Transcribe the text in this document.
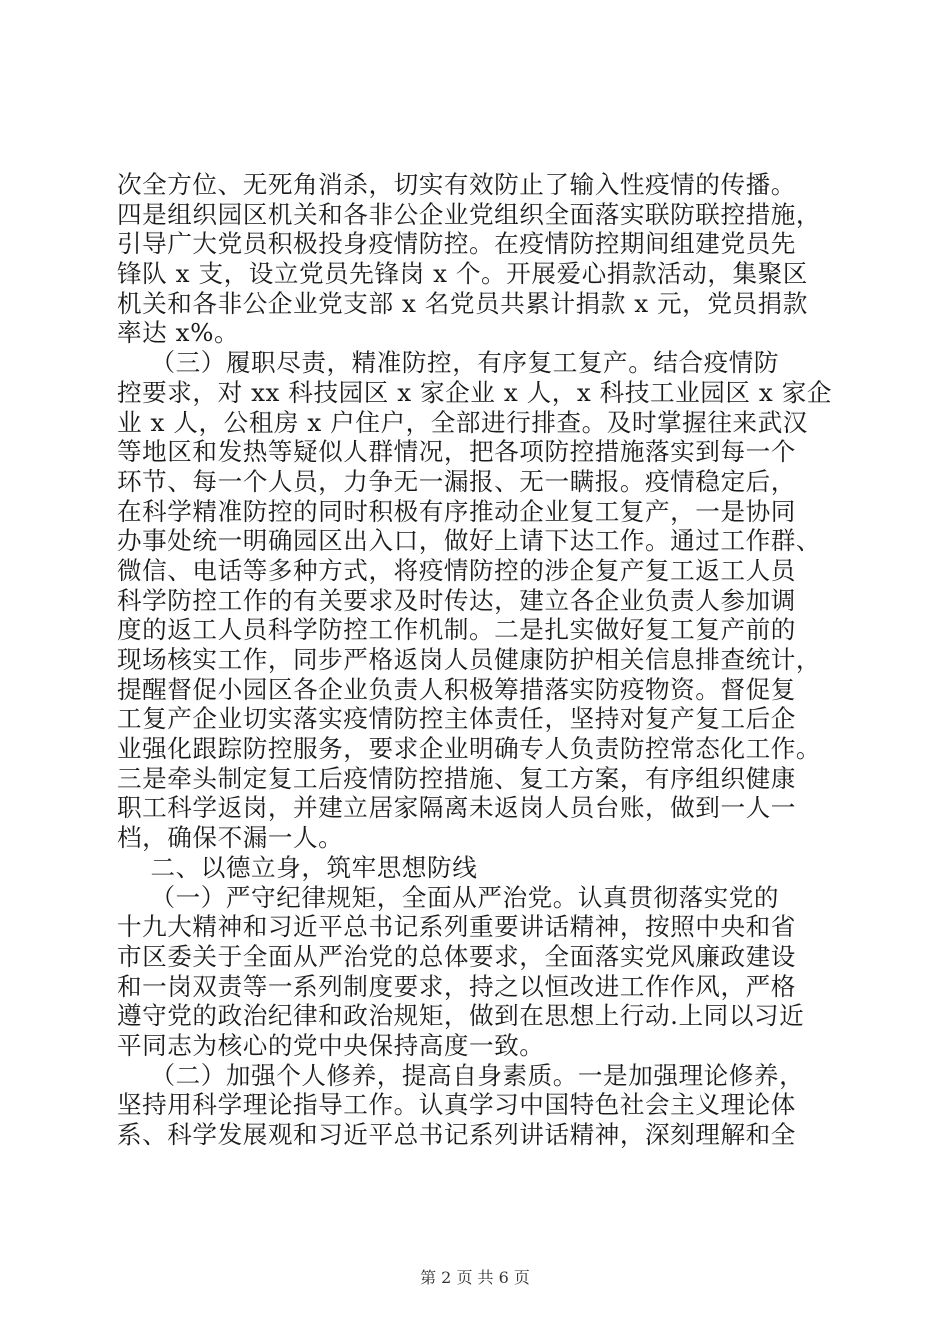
次全方位、无死角消杀，切实有效防止了输入性疫情的传播。
四是组织园区机关和各非公企业党组织全面落实联防联控措施，
引导广大党员积极投身疫情防控。在疫情防控期间组建党员先
锋队 x 支，设立党员先锋岗 x 个。开展爱心捐款活动，集聚区
机关和各非公企业党支部 x 名党员共累计捐款 x 元，党员捐款
率达 x%。
（三）履职尽责，精准防控，有序复工复产。结合疫情防
控要求，对 xx 科技园区 x 家企业 x 人，x 科技工业园区 x 家企
业 x 人，公租房 x 户住户，全部进行排查。及时掌握往来武汉
等地区和发热等疑似人群情况，把各项防控措施落实到每一个
环节、每一个人员，力争无一漏报、无一瞒报。疫情稳定后，
在科学精准防控的同时积极有序推动企业复工复产，一是协同
办事处统一明确园区出入口，做好上请下达工作。通过工作群、
微信、电话等多种方式，将疫情防控的涉企复产复工返工人员
科学防控工作的有关要求及时传达，建立各企业负责人参加调
度的返工人员科学防控工作机制。二是扎实做好复工复产前的
现场核实工作，同步严格返岗人员健康防护相关信息排查统计，
提醒督促小园区各企业负责人积极筹措落实防疫物资。督促复
工复产企业切实落实疫情防控主体责任，坚持对复产复工后企
业强化跟踪防控服务，要求企业明确专人负责防控常态化工作。
三是牵头制定复工后疫情防控措施、复工方案，有序组织健康
职工科学返岗，并建立居家隔离未返岗人员台账，做到一人一
档，确保不漏一人。
二、以德立身，筑牢思想防线
（一）严守纪律规矩，全面从严治党。认真贯彻落实党的
十九大精神和习近平总书记系列重要讲话精神，按照中央和省
市区委关于全面从严治党的总体要求，全面落实党风廉政建设
和一岗双责等一系列制度要求，持之以恒改进工作作风，严格
遵守党的政治纪律和政治规矩，做到在思想上行动.上同以习近
平同志为核心的党中央保持高度一致。
（二）加强个人修养，提高自身素质。一是加强理论修养，
坚持用科学理论指导工作。认真学习中国特色社会主义理论体
系、科学发展观和习近平总书记系列讲话精神，深刻理解和全
第 2 页 共 6 页
